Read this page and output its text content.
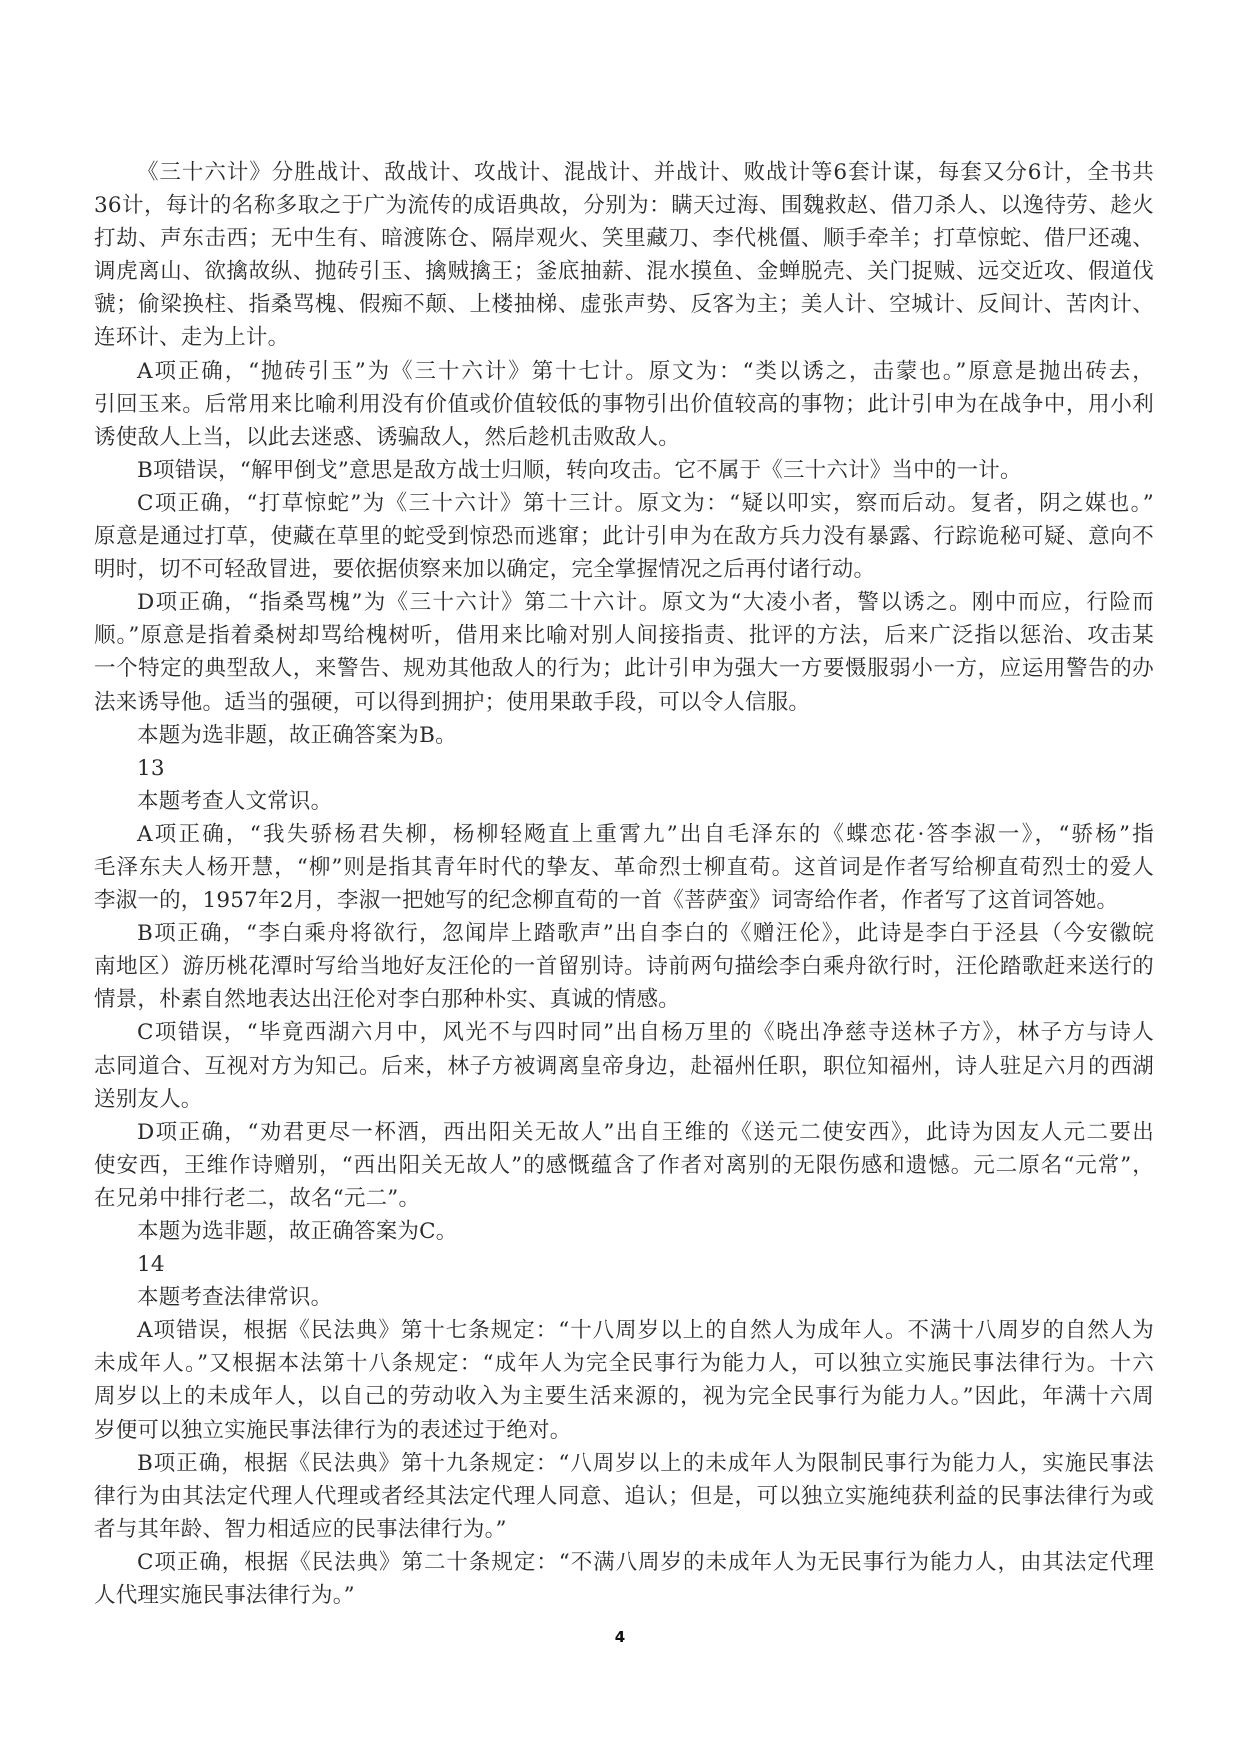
《三十六计》分胜战计、敌战计、攻战计、混战计、并战计、败战计等6套计谋，每套又分6计，全书共
36计，每计的名称多取之于广为流传的成语典故，分别为：瞒天过海、围魏救赵、借刀杀人、以逸待劳、趁火
打劫、声东击西；无中生有、暗渡陈仓、隔岸观火、笑里藏刀、李代桃僵、顺手牵羊；打草惊蛇、借尸还魂、
调虎离山、欲擒故纵、抛砖引玉、擒贼擒王；釜底抽薪、混水摸鱼、金蝉脱壳、关门捉贼、远交近攻、假道伐
虢；偷梁换柱、指桑骂槐、假痴不颠、上楼抽梯、虚张声势、反客为主；美人计、空城计、反间计、苦肉计、
连环计、走为上计。
A项正确，“抛砖引玉”为《三十六计》第十七计。原文为：“类以诱之，击蒙也。”原意是抛出砖去，
引回玉来。后常用来比喻利用没有价值或价值较低的事物引出价值较高的事物；此计引申为在战争中，用小利
诱使敌人上当，以此去迷惑、诱骗敌人，然后趁机击败敌人。
B项错误，“解甲倒戈”意思是敌方战士归顺，转向攻击。它不属于《三十六计》当中的一计。
C项正确，“打草惊蛇”为《三十六计》第十三计。原文为：“疑以叩实，察而后动。复者，阴之媒也。”
原意是通过打草，使藏在草里的蛇受到惊恐而逃窜；此计引申为在敌方兵力没有暴露、行踪诡秘可疑、意向不
明时，切不可轻敌冒进，要依据侦察来加以确定，完全掌握情况之后再付诸行动。
D项正确，“指桑骂槐”为《三十六计》第二十六计。原文为“大凌小者，警以诱之。刚中而应，行险而
顺。”原意是指着桑树却骂给槐树听，借用来比喻对别人间接指责、批评的方法，后来广泛指以惩治、攻击某
一个特定的典型敌人，来警告、规劝其他敌人的行为；此计引申为强大一方要慑服弱小一方，应运用警告的办
法来诱导他。适当的强硬，可以得到拥护；使用果敢手段，可以令人信服。
本题为选非题，故正确答案为B。
13
本题考查人文常识。
A项正确，“我失骄杨君失柳，杨柳轻飏直上重霄九”出自毛泽东的《蝶恋花·答李淑一》，“骄杨”指
毛泽东夫人杨开慧，“柳”则是指其青年时代的挚友、革命烈士柳直荀。这首词是作者写给柳直荀烈士的爱人
李淑一的，1957年2月，李淑一把她写的纪念柳直荀的一首《菩萨蛮》词寄给作者，作者写了这首词答她。
B项正确，“李白乘舟将欲行，忽闻岸上踏歌声”出自李白的《赠汪伦》，此诗是李白于泾县（今安徽皖
南地区）游历桃花潭时写给当地好友汪伦的一首留别诗。诗前两句描绘李白乘舟欲行时，汪伦踏歌赶来送行的
情景，朴素自然地表达出汪伦对李白那种朴实、真诚的情感。
C项错误，“毕竟西湖六月中，风光不与四时同”出自杨万里的《晓出净慈寺送林子方》，林子方与诗人
志同道合、互视对方为知己。后来，林子方被调离皇帝身边，赴福州任职，职位知福州，诗人驻足六月的西湖
送别友人。
D项正确，“劝君更尽一杯酒，西出阳关无故人”出自王维的《送元二使安西》，此诗为因友人元二要出
使安西，王维作诗赠别，“西出阳关无故人”的感慨蕴含了作者对离别的无限伤感和遗憾。元二原名“元常”，
在兄弟中排行老二，故名“元二”。
本题为选非题，故正确答案为C。
14
本题考查法律常识。
A项错误，根据《民法典》第十七条规定：“十八周岁以上的自然人为成年人。不满十八周岁的自然人为
未成年人。”又根据本法第十八条规定：“成年人为完全民事行为能力人，可以独立实施民事法律行为。十六
周岁以上的未成年人，以自己的劳动收入为主要生活来源的，视为完全民事行为能力人。”因此，年满十六周
岁便可以独立实施民事法律行为的表述过于绝对。
B项正确，根据《民法典》第十九条规定：“八周岁以上的未成年人为限制民事行为能力人，实施民事法
律行为由其法定代理人代理或者经其法定代理人同意、追认；但是，可以独立实施纯获利益的民事法律行为或
者与其年龄、智力相适应的民事法律行为。”
C项正确，根据《民法典》第二十条规定：“不满八周岁的未成年人为无民事行为能力人，由其法定代理
人代理实施民事法律行为。”
4
